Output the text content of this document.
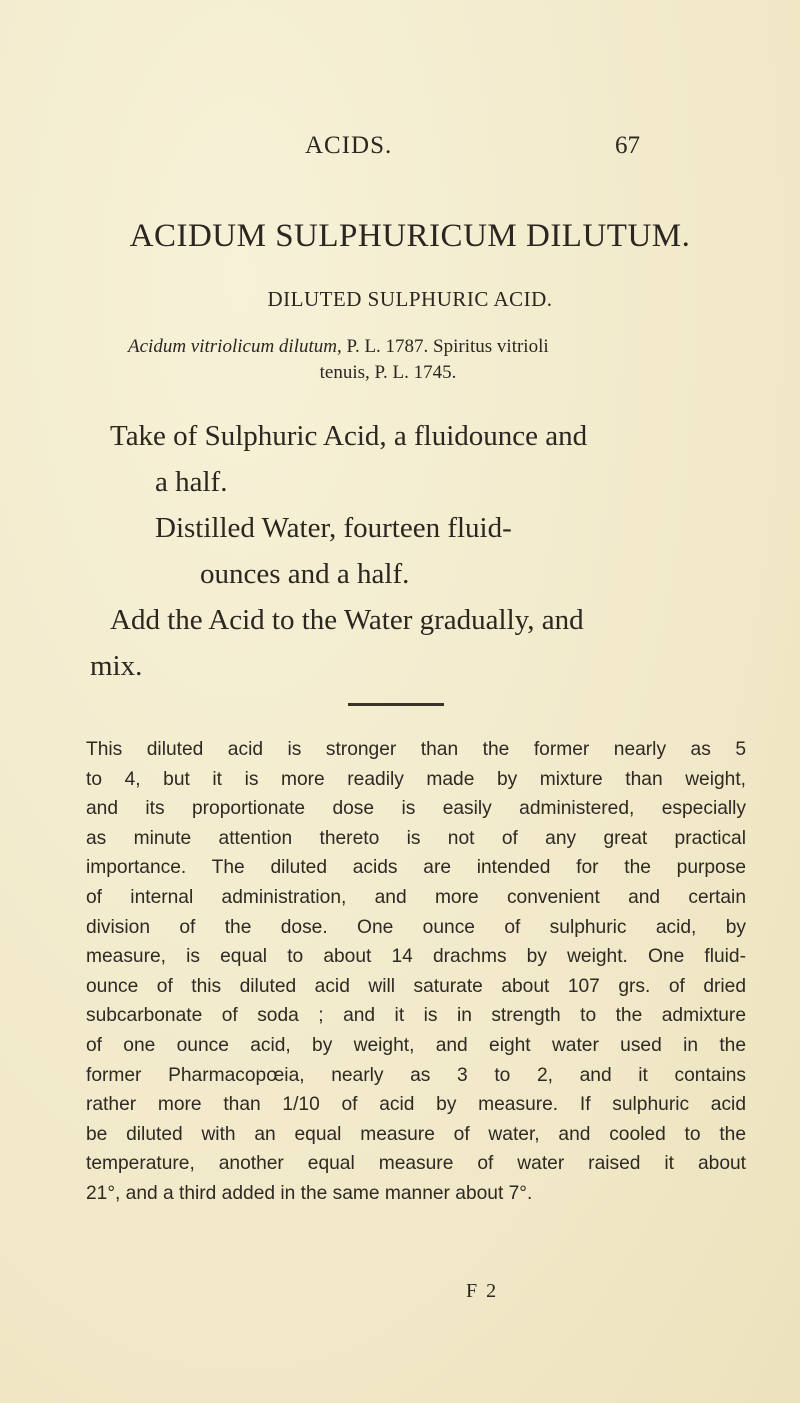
ACIDS.	67
ACIDUM SULPHURICUM DILUTUM.
DILUTED SULPHURIC ACID.
Acidum vitriolicum dilutum, P. L. 1787. Spiritus vitrioli
tenuis, P. L. 1745.

Take of Sulphuric Acid, a fluidounce and

a half.

Distilled Water, fourteen fluid-

ounces and a half.

Add the Acid to the Water gradually, and

mix.

This diluted acid is stronger than the former nearly as 5
to 4, but it is more readily made by mixture than weight,
and its proportionate dose is easily administered, especially
as minute attention thereto is not of any great practical
importance. The diluted acids are intended for the purpose
of internal administration, and more convenient and certain
division of the dose. One ounce of sulphuric acid, by
measure, is equal to about 14 drachms by weight. One fluid-
ounce of this diluted acid will saturate about 107 grs. of dried
subcarbonate of soda ; and it is in strength to the admixture
of one ounce acid, by weight, and eight water used in the
former Pharmacopœia, nearly as 3 to 2, and it contains
rather more than 1/10 of acid by measure. If sulphuric acid
be diluted with an equal measure of water, and cooled to the
temperature, another equal measure of water raised it about
21°, and a third added in the same manner about 7°.
F 2
